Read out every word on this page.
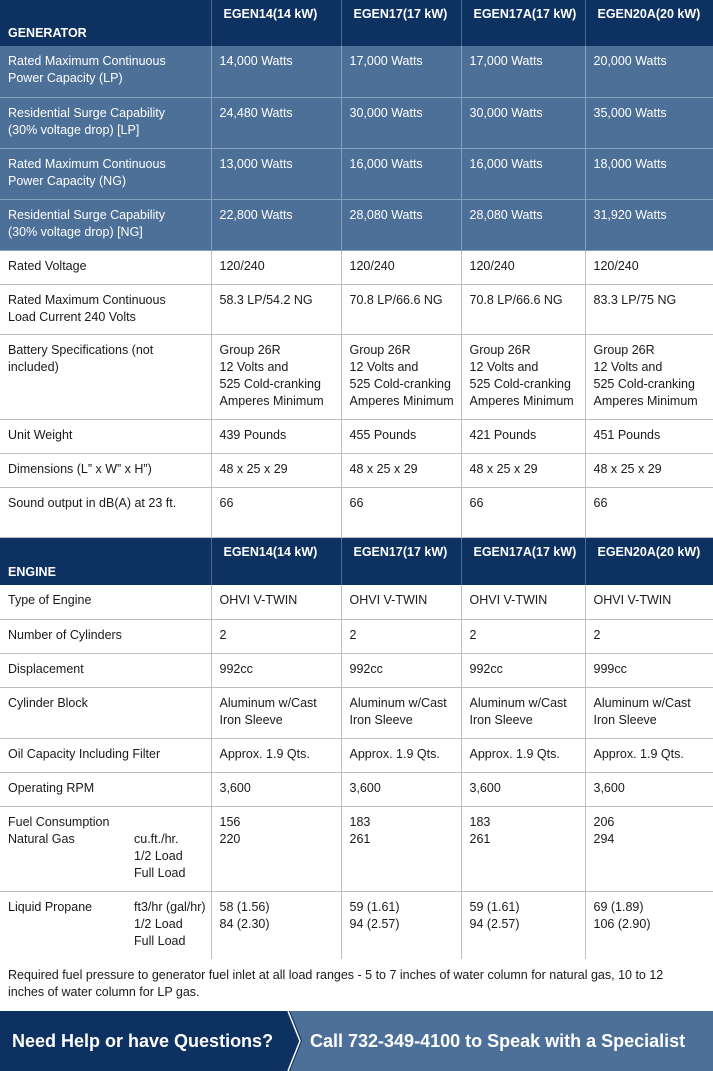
GENERATOR	EGEN14(14 kW)	EGEN17(17 kW)	EGEN17A(17 kW)	EGEN20A(20 kW)

Rated Maximum Continuous
Power Capacity (LP)	14,000 Watts	17,000 Watts	17,000 Watts	20,000 Watts

Residential Surge Capability
(30% voltage drop) [LP]	24,480 Watts	30,000 Watts	30,000 Watts	35,000 Watts

Rated Maximum Continuous
Power Capacity (NG)	13,000 Watts	16,000 Watts	16,000 Watts	18,000 Watts

Residential Surge Capability
(30% voltage drop) [NG]	22,800 Watts	28,080 Watts	28,080 Watts	31,920 Watts
Rated Voltage	120/240	120/240	120/240	120/240

Rated Maximum Continuous
Load Current 240 Volts	58.3 LP/54.2 NG	70.8 LP/66.6 NG	70.8 LP/66.6 NG	83.3 LP/75 NG
Battery Specifications (not included)	Group 26R
12 Volts and
525 Cold-cranking
Amperes Minimum	Group 26R
12 Volts and
525 Cold-cranking
Amperes Minimum	Group 26R
12 Volts and
525 Cold-cranking
Amperes Minimum	Group 26R
12 Volts and
525 Cold-cranking
Amperes Minimum

Unit Weight	439 Pounds	455 Pounds	421 Pounds	451 Pounds
Dimensions (L” x W” x H”)	48 x 25 x 29	48 x 25 x 29	48 x 25 x 29	48 x 25 x 29
Sound output in dB(A) at 23 ft.	66	66	66	66
ENGINE	EGEN14(14 kW)	EGEN17(17 kW)	EGEN17A(17 kW)	EGEN20A(20 kW)
Type of Engine	OHVI V-TWIN	OHVI V-TWIN	OHVI V-TWIN	OHVI V-TWIN
Number of Cylinders	2	2	2	2
Displacement	992cc	992cc	992cc	999cc
Cylinder Block	Aluminum w/Cast
Iron Sleeve	Aluminum w/Cast
Iron Sleeve	Aluminum w/Cast
Iron Sleeve	Aluminum w/Cast
Iron Sleeve

Oil Capacity Including Filter	Approx. 1.9 Qts.	Approx. 1.9 Qts.	Approx. 1.9 Qts.	Approx. 1.9 Qts.
Operating RPM	3,600	3,600	3,600	3,600

Fuel Consumption
Natural Gas cu.ft./hr.
1/2 Load
Full Load	156
220	183
261	183
261	206
294

Liquid Propane ft3/hr (gal/hr)
1/2 Load
Full Load	58 (1.56)
84 (2.30)	59 (1.61)
94 (2.57)	59 (1.61)
94 (2.57)	69 (1.89)
106 (2.90)
Required fuel pressure to generator fuel inlet at all load ranges - 5 to 7 inches of water column for natural gas, 10 to 12 inches of water column for LP gas.
Need Help or have Questions?	Call 732-349-4100 to Speak with a Specialist
